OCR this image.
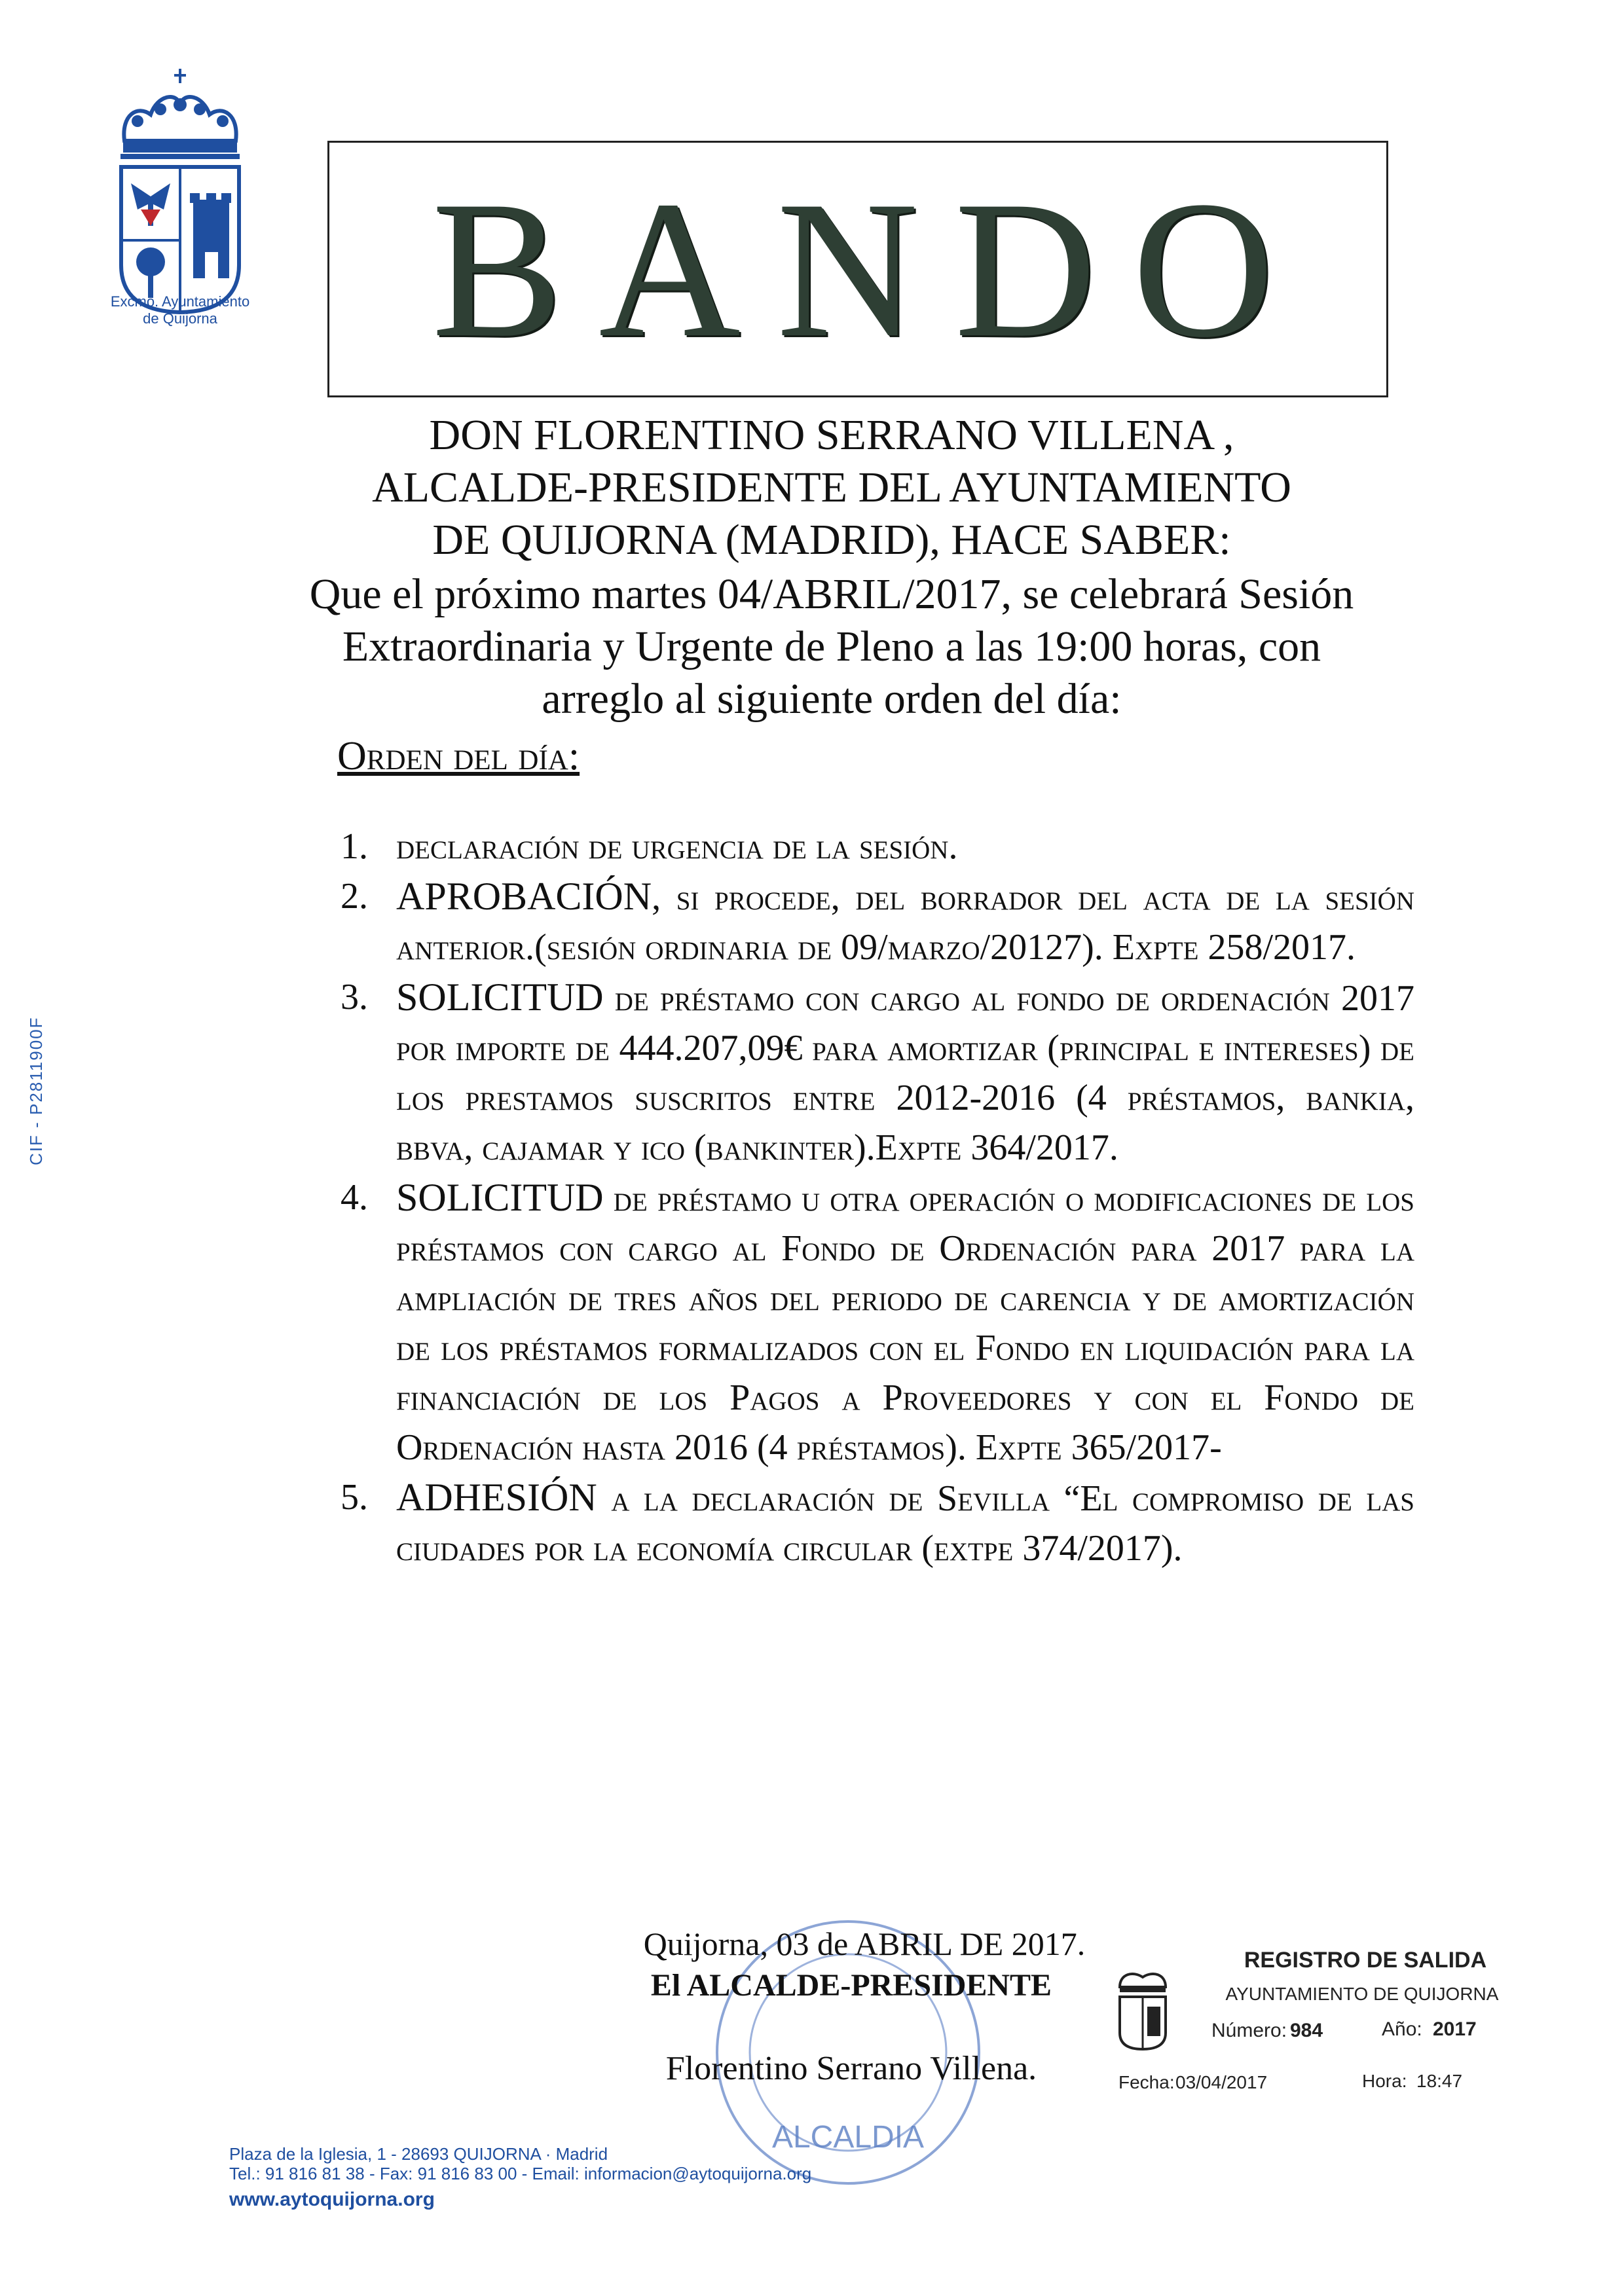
Excmo. Ayuntamiento
de Quijorna	BANDO
DON FLORENTINO SERRANO VILLENA ,
ALCALDE-PRESIDENTE DEL AYUNTAMIENTO
DE QUIJORNA (MADRID), HACE SABER:
Que el próximo martes 04/ABRIL/2017, se celebrará Sesión
Extraordinaria y Urgente de Pleno a las 19:00 horas, con
arreglo al siguiente orden del día:
Orden del día:
1. declaración de urgencia de la sesión.
2. APROBACIÓN, si procede, del borrador del acta de la sesión anterior.(sesión ordinaria de 09/marzo/20127). Expte 258/2017.
3. SOLICITUD de préstamo con cargo al fondo de ordenación 2017 por importe de 444.207,09€ para amortizar (principal e intereses) de los prestamos suscritos entre 2012-2016 (4 préstamos, bankia, bbva, cajamar y ico (bankinter).Expte 364/2017.
4. SOLICITUD de préstamo u otra operación o modificaciones de los préstamos con cargo al Fondo de Ordenación para 2017 para la ampliación de tres años del periodo de carencia y de amortización de los préstamos formalizados con el Fondo en liquidación para la financiación de los Pagos a Proveedores y con el Fondo de Ordenación hasta 2016 (4 préstamos). Expte 365/2017-
5. ADHESIÓN a la declaración de Sevilla “El compromiso de las ciudades por la economía circular (extpe 374/2017).
ALCALDIA
Quijorna, 03 de ABRIL DE 2017.
El ALCALDE-PRESIDENTE
Florentino Serrano Villena.
REGISTRO DE SALIDA
AYUNTAMIENTO DE QUIJORNA
Número: 984	Año: 2017
Fecha: 03/04/2017	Hora: 18:47
CIF - P2811900F
Plaza de la Iglesia, 1 - 28693 QUIJORNA · Madrid
Tel.: 91 816 81 38 - Fax: 91 816 83 00 - Email: informacion@aytoquijorna.org
www.aytoquijorna.org
